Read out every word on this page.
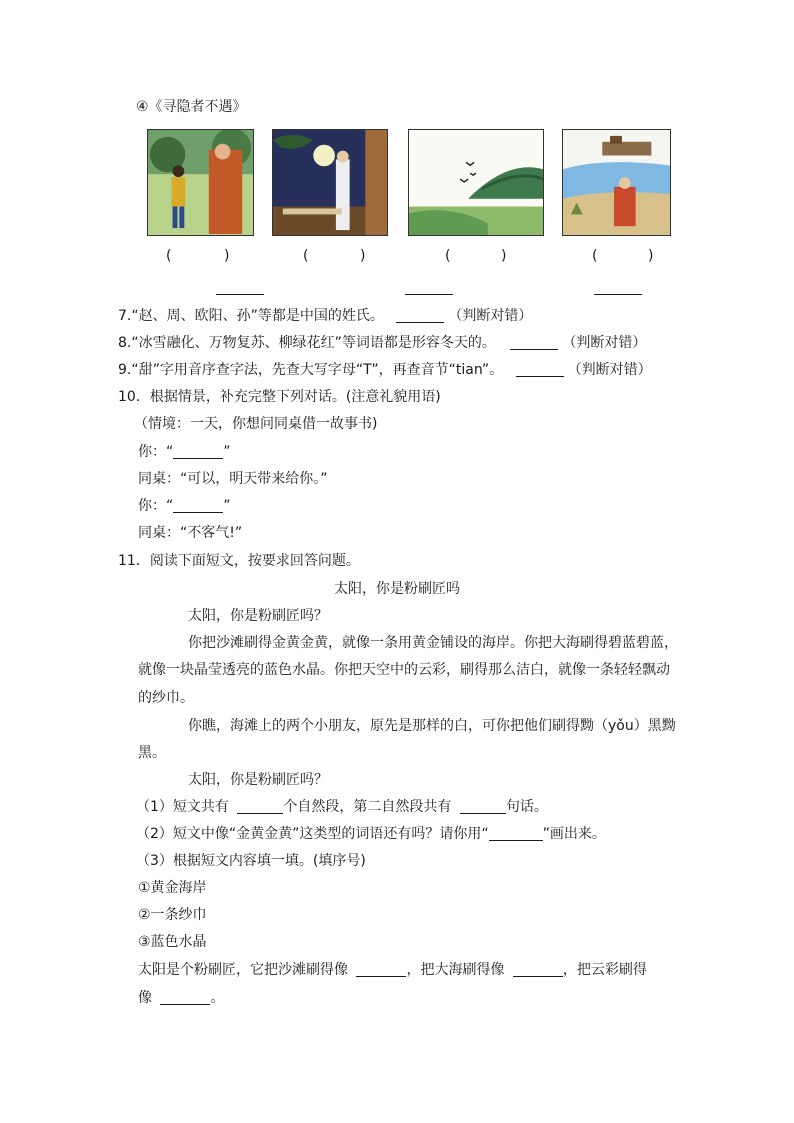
④《寻隐者不遇》
(	)	(	)	(	)	(	)
7.“赵、周、欧阳、孙”等都是中国的姓氏。	（判断对错）
8.“冰雪融化、万物复苏、柳绿花红”等词语都是形容冬天的。	（判断对错）
9.“甜”字用音序查字法，先查大写字母“T”，再查音节“tian”。	（判断对错）
10．根据情景，补充完整下列对话。(注意礼貌用语)
（情境：一天，你想问同桌借一故事书)
你：“	”
同桌：“可以，明天带来给你。”
你：“	”
同桌：“不客气!”
11．阅读下面短文，按要求回答问题。
太阳，你是粉刷匠吗
太阳，你是粉刷匠吗？
你把沙滩刷得金黄金黄，就像一条用黄金铺设的海岸。你把大海刷得碧蓝碧蓝，
就像一块晶莹透亮的蓝色水晶。你把天空中的云彩，刷得那么洁白，就像一条轻轻飘动
的纱巾。
你瞧，海滩上的两个小朋友，原先是那样的白，可你把他们刷得黝（yǒu）黑黝
黑。
太阳，你是粉刷匠吗？
（1）短文共有	个自然段，第二自然段共有	句话。
（2）短文中像“金黄金黄”这类型的词语还有吗？请你用“	”画出来。
（3）根据短文内容填一填。(填序号)
①黄金海岸
②一条纱巾
③蓝色水晶
太阳是个粉刷匠，它把沙滩刷得像	，把大海刷得像	，把云彩刷得
像	。
